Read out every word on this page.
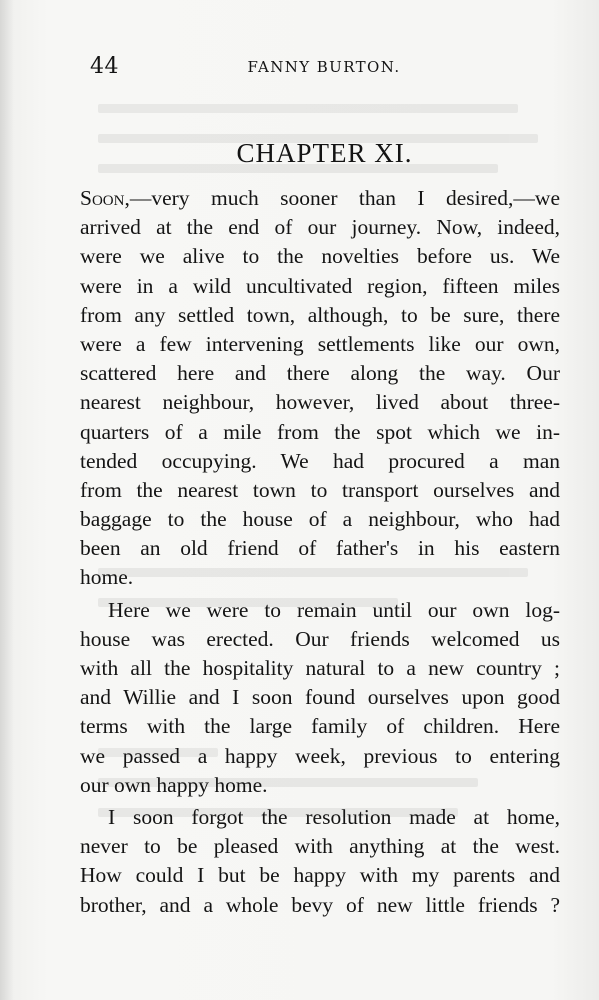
44	FANNY BURTON.
CHAPTER XI.
Soon,—very much sooner than I desired,—we
arrived at the end of our journey. Now, indeed,
were we alive to the novelties before us. We
were in a wild uncultivated region, fifteen miles
from any settled town, although, to be sure, there
were a few intervening settlements like our own,
scattered here and there along the way. Our
nearest neighbour, however, lived about three-
quarters of a mile from the spot which we in-
tended occupying. We had procured a man
from the nearest town to transport ourselves and
baggage to the house of a neighbour, who had
been an old friend of father's in his eastern
home.
Here we were to remain until our own log-
house was erected. Our friends welcomed us
with all the hospitality natural to a new country ;
and Willie and I soon found ourselves upon good
terms with the large family of children. Here
we passed a happy week, previous to entering
our own happy home.
I soon forgot the resolution made at home,
never to be pleased with anything at the west.
How could I but be happy with my parents and
brother, and a whole bevy of new little friends ?
